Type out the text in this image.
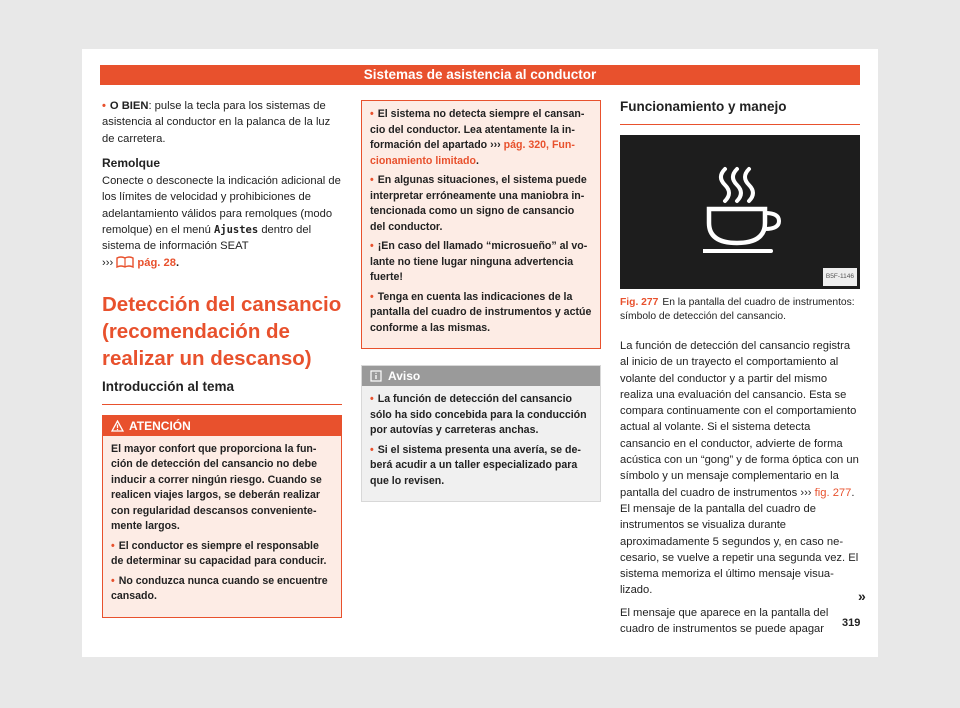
Sistemas de asistencia al conductor

• O BIEN: pulse la tecla para los sistemas de asistencia al conductor en la palanca de la luz de carretera.

Remolque

Conecte o desconecte la indicación adicional de los límites de velocidad y prohibiciones de adelantamiento válidos para remolques (modo remolque) en el menú Ajustes dentro del sistema de información SEAT
››› pág. 28.

Detección del cansancio (recomendación de realizar un descanso)
Introducción al tema
ATENCIÓN

El mayor confort que proporciona la función de detección del cansancio no debe inducir a correr ningún riesgo. Cuando se realicen viajes largos, se deberán realizar con regularidad descansos convenientemente largos.

• El conductor es siempre el responsable de determinar su capacidad para conducir.

• No conduzca nunca cuando se encuentre cansado.

• El sistema no detecta siempre el cansancio del conductor. Lea atentamente la información del apartado ››› pág. 320, Funcionamiento limitado.

• En algunas situaciones, el sistema puede interpretar erróneamente una maniobra intencionada como un signo de cansancio del conductor.

• ¡En caso del llamado “microsueño” al volante no tiene lugar ninguna advertencia fuerte!

• Tenga en cuenta las indicaciones de la pantalla del cuadro de instrumentos y actúe conforme a las mismas.

Aviso

• La función de detección del cansancio sólo ha sido concebida para la conducción por autovías y carreteras anchas.

• Si el sistema presenta una avería, se deberá acudir a un taller especializado para que lo revisen.

Funcionamiento y manejo
B5F-1146
Fig. 277 En la pantalla del cuadro de instrumentos: símbolo de detección del cansancio.

La función de detección del cansancio registra al inicio de un trayecto el comportamiento al volante del conductor y a partir del mismo realiza una evaluación del cansancio. Esta se compara continuamente con el comportamiento actual al volante. Si el sistema detecta cansancio en el conductor, advierte de forma acústica con un “gong” y de forma óptica con un símbolo y un mensaje complementario en la pantalla del cuadro de instrumentos ››› fig. 277. El mensaje de la pantalla del cuadro de instrumentos se visualiza durante aproximadamente 5 segundos y, en caso necesario, se vuelve a repetir una segunda vez. El sistema memoriza el último mensaje visualizado.

El mensaje que aparece en la pantalla del cuadro de instrumentos se puede apagar

»
319
